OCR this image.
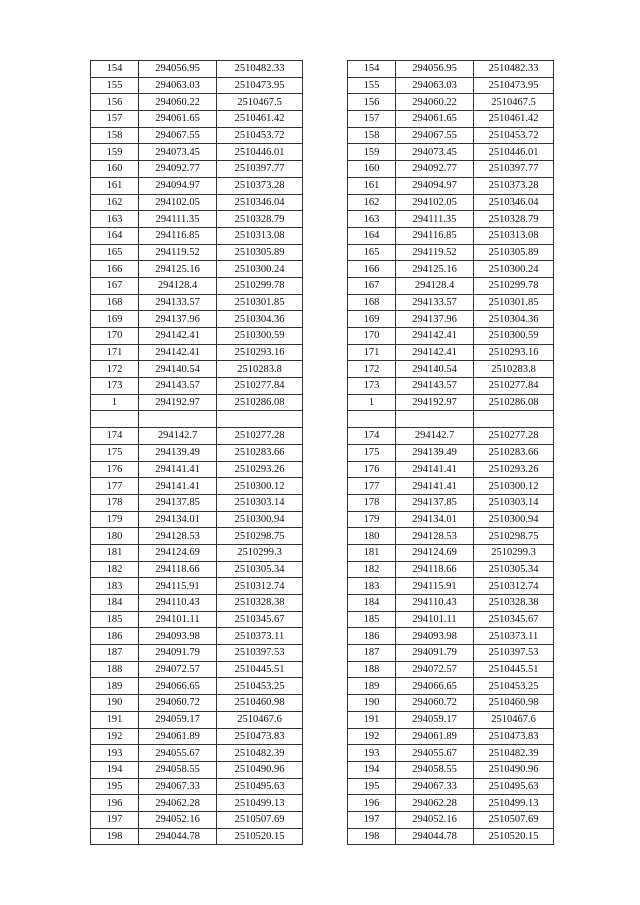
154	294056.95	2510482.33
155	294063.03	2510473.95
156	294060.22	2510467.5
157	294061.65	2510461.42
158	294067.55	2510453.72
159	294073.45	2510446.01
160	294092.77	2510397.77
161	294094.97	2510373.28
162	294102.05	2510346.04
163	294111.35	2510328.79
164	294116.85	2510313.08
165	294119.52	2510305.89
166	294125.16	2510300.24
167	294128.4	2510299.78
168	294133.57	2510301.85
169	294137.96	2510304.36
170	294142.41	2510300.59
171	294142.41	2510293.16
172	294140.54	2510283.8
173	294143.57	2510277.84
1	294192.97	2510286.08

174	294142.7	2510277.28
175	294139.49	2510283.66
176	294141.41	2510293.26
177	294141.41	2510300.12
178	294137.85	2510303.14
179	294134.01	2510300.94
180	294128.53	2510298.75
181	294124.69	2510299.3
182	294118.66	2510305.34
183	294115.91	2510312.74
184	294110.43	2510328.38
185	294101.11	2510345.67
186	294093.98	2510373.11
187	294091.79	2510397.53
188	294072.57	2510445.51
189	294066.65	2510453.25
190	294060.72	2510460.98
191	294059.17	2510467.6
192	294061.89	2510473.83
193	294055.67	2510482.39
194	294058.55	2510490.96
195	294067.33	2510495.63
196	294062.28	2510499.13
197	294052.16	2510507.69
198	294044.78	2510520.15
154	294056.95	2510482.33
155	294063.03	2510473.95
156	294060.22	2510467.5
157	294061.65	2510461.42
158	294067.55	2510453.72
159	294073.45	2510446.01
160	294092.77	2510397.77
161	294094.97	2510373.28
162	294102.05	2510346.04
163	294111.35	2510328.79
164	294116.85	2510313.08
165	294119.52	2510305.89
166	294125.16	2510300.24
167	294128.4	2510299.78
168	294133.57	2510301.85
169	294137.96	2510304.36
170	294142.41	2510300.59
171	294142.41	2510293.16
172	294140.54	2510283.8
173	294143.57	2510277.84
1	294192.97	2510286.08

174	294142.7	2510277.28
175	294139.49	2510283.66
176	294141.41	2510293.26
177	294141.41	2510300.12
178	294137.85	2510303.14
179	294134.01	2510300.94
180	294128.53	2510298.75
181	294124.69	2510299.3
182	294118.66	2510305.34
183	294115.91	2510312.74
184	294110.43	2510328.38
185	294101.11	2510345.67
186	294093.98	2510373.11
187	294091.79	2510397.53
188	294072.57	2510445.51
189	294066.65	2510453.25
190	294060.72	2510460.98
191	294059.17	2510467.6
192	294061.89	2510473.83
193	294055.67	2510482.39
194	294058.55	2510490.96
195	294067.33	2510495.63
196	294062.28	2510499.13
197	294052.16	2510507.69
198	294044.78	2510520.15
